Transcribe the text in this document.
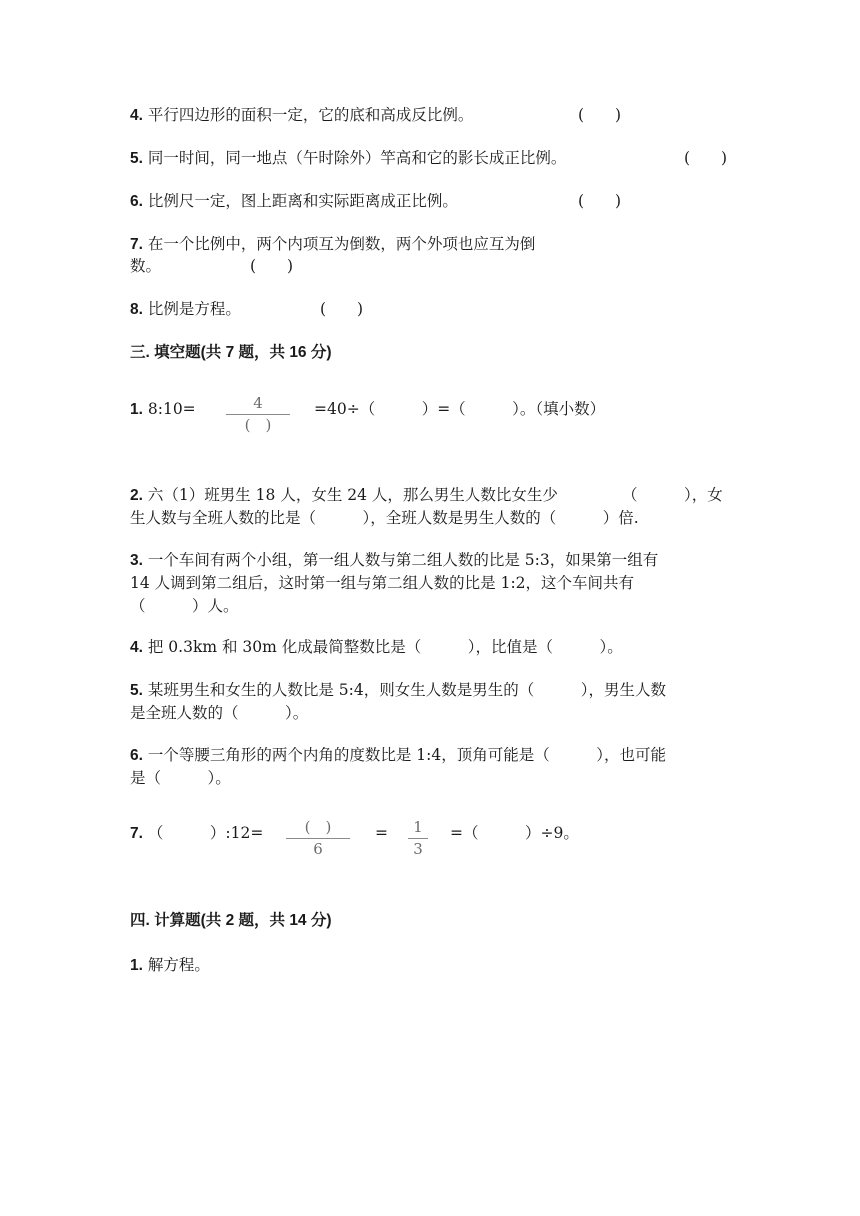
4. 平行四边形的面积一定，它的底和高成反比例。	(　　)
5. 同一时间，同一地点（午时除外）竿高和它的影长成正比例。	(　　)
6. 比例尺一定，图上距离和实际距离成正比例。	(　　)
7. 在一个比例中，两个内项互为倒数，两个外项也应互为倒
数。	(　　)
8. 比例是方程。	(　　)
三. 填空题(共 7 题，共 16 分)
1. 8:10=	4
(　)
=40÷（　　　）=（　　　）。（填小数）
2. 六（1）班男生 18 人，女生 24 人，那么男生人数比女生少	（　　　），女
生人数与全班人数的比是（　　　），全班人数是男生人数的（　　　）倍.
3. 一个车间有两个小组，第一组人数与第二组人数的比是 5:3，如果第一组有
14 人调到第二组后，这时第一组与第二组人数的比是 1:2，这个车间共有
（　　　）人。
4. 把 0.3km 和 30m 化成最简整数比是（　　　），比值是（　　　）。
5. 某班男生和女生的人数比是 5:4，则女生人数是男生的（　　　），男生人数
是全班人数的（　　　）。
6. 一个等腰三角形的两个内角的度数比是 1:4，顶角可能是（　　　），也可能
是（　　　）。
7. （　　　）:12=	(　)
6
=	1
3
=（　　　）÷9。
四. 计算题(共 2 题，共 14 分)
1. 解方程。
